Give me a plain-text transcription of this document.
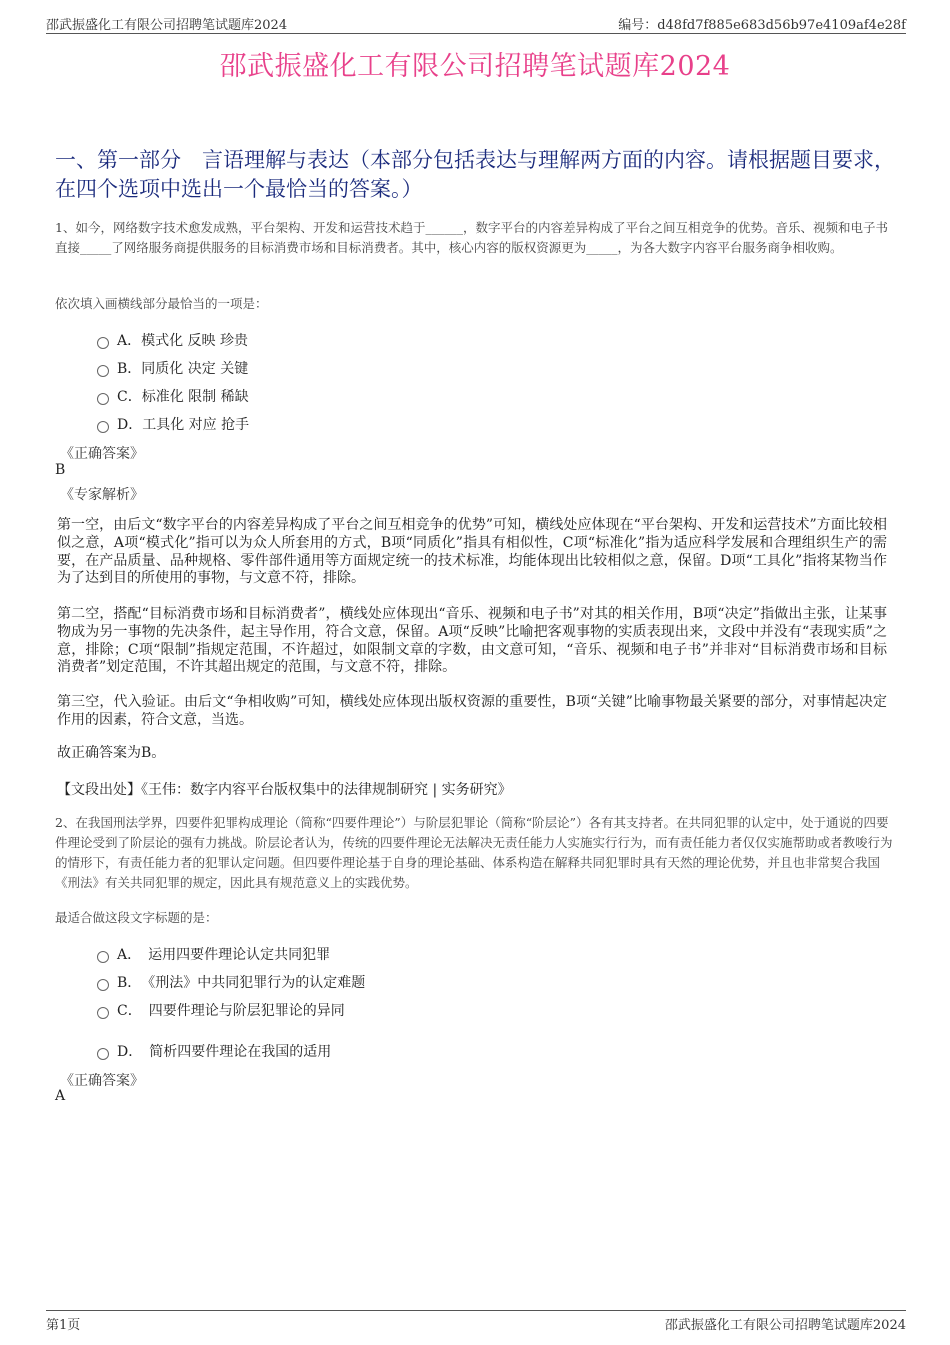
邵武振盛化工有限公司招聘笔试题库2024	编号：d48fd7f885e683d56b97e4109af4e28f
邵武振盛化工有限公司招聘笔试题库2024
一、第一部分　言语理解与表达（本部分包括表达与理解两方面的内容。请根据题目要求，在四个选项中选出一个最恰当的答案。）
1、如今，网络数字技术愈发成熟，平台架构、开发和运营技术趋于______，数字平台的内容差异构成了平台之间互相竞争的优势。音乐、视频和电子书直接_____了网络服务商提供服务的目标消费市场和目标消费者。其中，核心内容的版权资源更为_____，为各大数字内容平台服务商争相收购。
依次填入画横线部分最恰当的一项是：
A．模式化 反映 珍贵
B．同质化 决定 关键
C．标准化 限制 稀缺
D．工具化 对应 抢手
《正确答案》
B
《专家解析》
第一空，由后文“数字平台的内容差异构成了平台之间互相竞争的优势”可知，横线处应体现在“平台架构、开发和运营技术”方面比较相似之意，A项“模式化”指可以为众人所套用的方式，B项“同质化”指具有相似性，C项“标准化”指为适应科学发展和合理组织生产的需要，在产品质量、品种规格、零件部件通用等方面规定统一的技术标准，均能体现出比较相似之意，保留。D项“工具化”指将某物当作为了达到目的所使用的事物，与文意不符，排除。
第二空，搭配“目标消费市场和目标消费者”，横线处应体现出“音乐、视频和电子书”对其的相关作用，B项“决定”指做出主张，让某事物成为另一事物的先决条件，起主导作用，符合文意，保留。A项“反映”比喻把客观事物的实质表现出来，文段中并没有“表现实质”之意，排除；C项“限制”指规定范围，不许超过，如限制文章的字数，由文意可知，“音乐、视频和电子书”并非对“目标消费市场和目标消费者”划定范围，不许其超出规定的范围，与文意不符，排除。
第三空，代入验证。由后文“争相收购”可知，横线处应体现出版权资源的重要性，B项“关键”比喻事物最关紧要的部分，对事情起决定作用的因素，符合文意，当选。
故正确答案为B。
【文段出处】《王伟：数字内容平台版权集中的法律规制研究 | 实务研究》
2、在我国刑法学界，四要件犯罪构成理论（简称“四要件理论”）与阶层犯罪论（简称“阶层论”）各有其支持者。在共同犯罪的认定中，处于通说的四要件理论受到了阶层论的强有力挑战。阶层论者认为，传统的四要件理论无法解决无责任能力人实施实行行为，而有责任能力者仅仅实施帮助或者教唆行为的情形下，有责任能力者的犯罪认定问题。但四要件理论基于自身的理论基础、体系构造在解释共同犯罪时具有天然的理论优势，并且也非常契合我国《刑法》有关共同犯罪的规定，因此具有规范意义上的实践优势。
最适合做这段文字标题的是：
A．　运用四要件理论认定共同犯罪
B．　《刑法》中共同犯罪行为的认定难题
C．　四要件理论与阶层犯罪论的异同
D．　简析四要件理论在我国的适用
《正确答案》
A
第1页	邵武振盛化工有限公司招聘笔试题库2024
